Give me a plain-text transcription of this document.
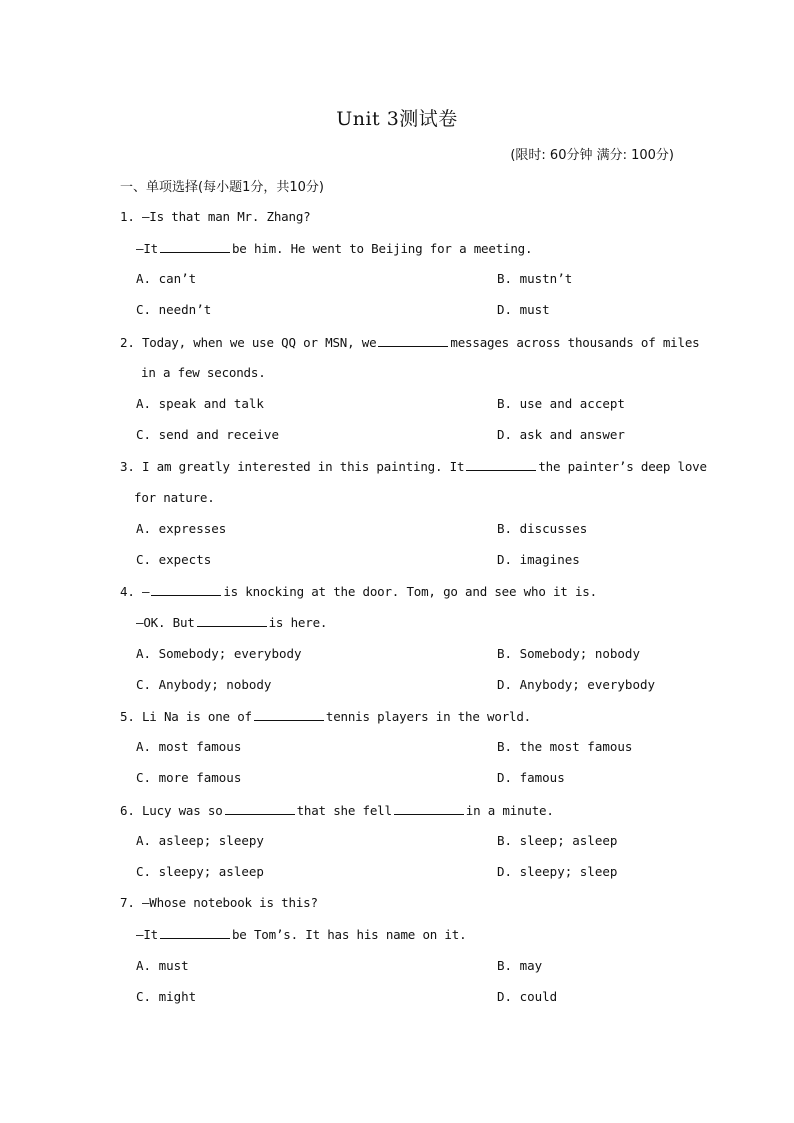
Unit 3测试卷
(限时: 60分钟 满分: 100分)
一、单项选择(每小题1分，共10分)
1. —Is that man Mr. Zhang?
—It	be him. He went to Beijing for a meeting.
A. can’t	B. mustn’t
C. needn’t	D. must
2. Today, when we use QQ or MSN, we	messages across thousands of miles
in a few seconds.
A. speak and talk	B. use and accept
C. send and receive	D. ask and answer
3. I am greatly interested in this painting. It	the painter’s deep love
for nature.
A. expresses	B. discusses
C. expects	D. imagines
4. —	is knocking at the door. Tom, go and see who it is.
—OK. But	is here.
A. Somebody; everybody	B. Somebody; nobody
C. Anybody; nobody	D. Anybody; everybody
5. Li Na is one of	tennis players in the world.
A. most famous	B. the most famous
C. more famous	D. famous
6. Lucy was so	that she fell	in a minute.
A. asleep; sleepy	B. sleep; asleep
C. sleepy; asleep	D. sleepy; sleep
7. —Whose notebook is this?
—It	be Tom’s. It has his name on it.
A. must	B. may
C. might	D. could
